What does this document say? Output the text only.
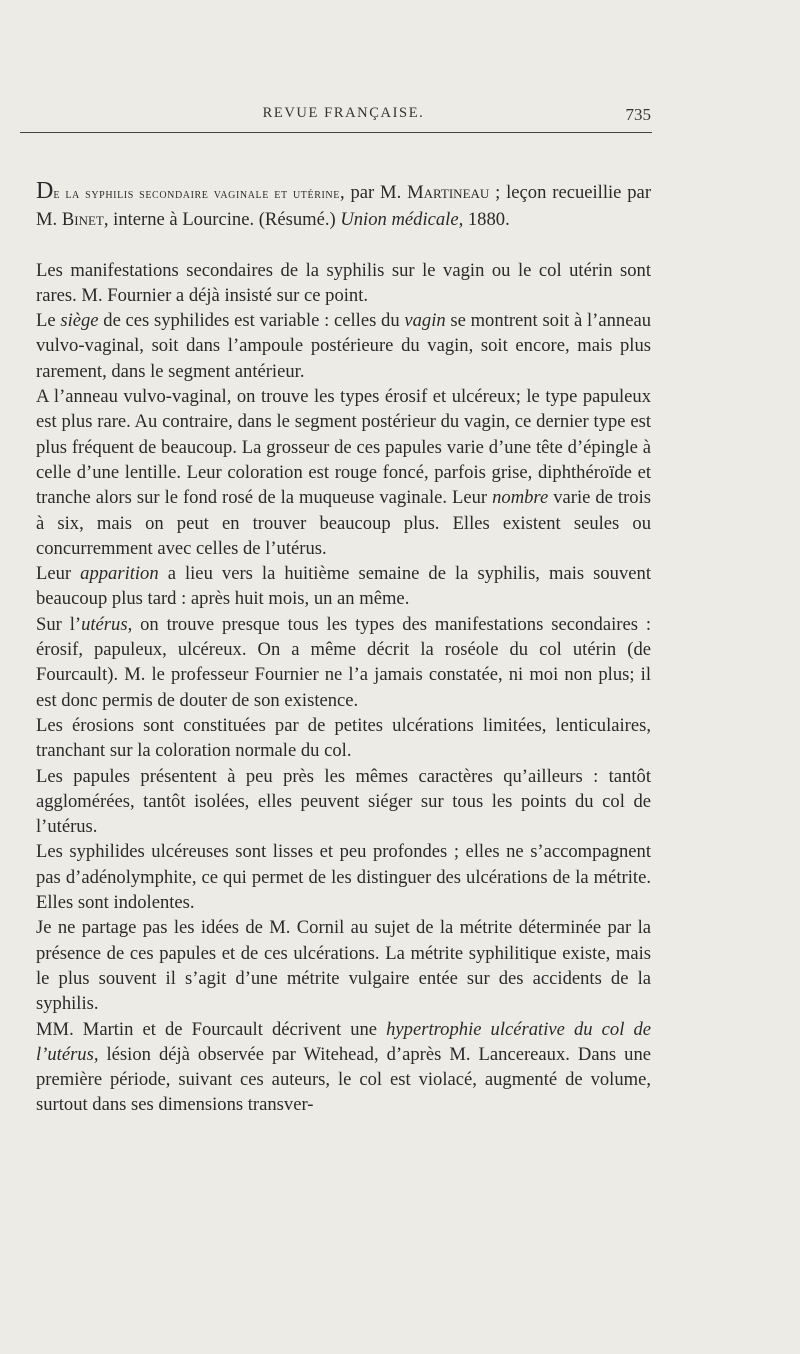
REVUE FRANÇAISE.	735

De la syphilis secondaire vaginale et utérine, par M. Martineau ; leçon recueillie par M. Binet, interne à Lourcine. (Résumé.) Union médicale, 1880.

Les manifestations secondaires de la syphilis sur le vagin ou le col utérin sont rares. M. Fournier a déjà insisté sur ce point.

Le siège de ces syphilides est variable : celles du vagin se montrent soit à l’anneau vulvo-vaginal, soit dans l’ampoule postérieure du vagin, soit encore, mais plus rarement, dans le segment antérieur.

A l’anneau vulvo-vaginal, on trouve les types érosif et ulcéreux; le type papuleux est plus rare. Au contraire, dans le segment postérieur du vagin, ce dernier type est plus fréquent de beaucoup. La grosseur de ces papules varie d’une tête d’épingle à celle d’une lentille. Leur coloration est rouge foncé, parfois grise, diphthéroïde et tranche alors sur le fond rosé de la muqueuse vaginale. Leur nombre varie de trois à six, mais on peut en trouver beaucoup plus. Elles existent seules ou concurremment avec celles de l’utérus.

Leur apparition a lieu vers la huitième semaine de la syphilis, mais souvent beaucoup plus tard : après huit mois, un an même.

Sur l’utérus, on trouve presque tous les types des manifestations secondaires : érosif, papuleux, ulcéreux. On a même décrit la roséole du col utérin (de Fourcault). M. le professeur Fournier ne l’a jamais constatée, ni moi non plus; il est donc permis de douter de son existence.

Les érosions sont constituées par de petites ulcérations limitées, lenticulaires, tranchant sur la coloration normale du col.

Les papules présentent à peu près les mêmes caractères qu’ailleurs : tantôt agglomérées, tantôt isolées, elles peuvent siéger sur tous les points du col de l’utérus.

Les syphilides ulcéreuses sont lisses et peu profondes ; elles ne s’accompagnent pas d’adénolymphite, ce qui permet de les distinguer des ulcérations de la métrite. Elles sont indolentes.

Je ne partage pas les idées de M. Cornil au sujet de la métrite déterminée par la présence de ces papules et de ces ulcérations. La métrite syphilitique existe, mais le plus souvent il s’agit d’une métrite vulgaire entée sur des accidents de la syphilis.

MM. Martin et de Fourcault décrivent une hypertrophie ulcérative du col de l’utérus, lésion déjà observée par Witehead, d’après M. Lancereaux. Dans une première période, suivant ces auteurs, le col est violacé, augmenté de volume, surtout dans ses dimensions transver-
